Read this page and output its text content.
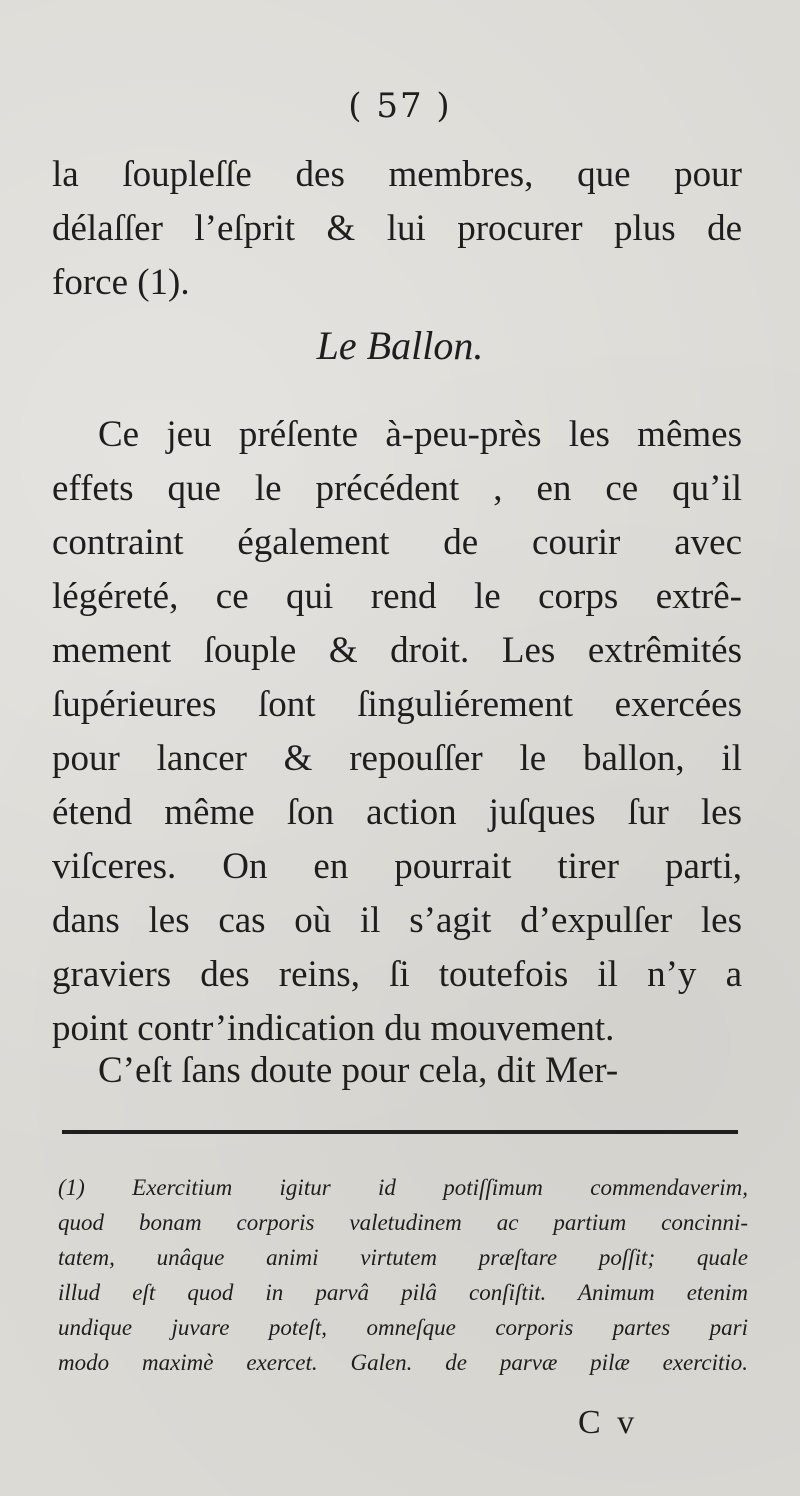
( 57 )
la ſoupleſſe des membres, que pour
délaſſer l’eſprit & lui procurer plus de
force (1).
Le Ballon.
Ce jeu préſente à-peu-près les mêmes
effets que le précédent , en ce qu’il
contraint également de courir avec
légéreté, ce qui rend le corps extrê-
mement ſouple & droit. Les extrêmités
ſupérieures ſont ſinguliérement exercées
pour lancer & repouſſer le ballon, il
étend même ſon action juſques ſur les
viſceres. On en pourrait tirer parti,
dans les cas où il s’agit d’expulſer les
graviers des reins, ſi toutefois il n’y a
point contr’indication du mouvement.
C’eſt ſans doute pour cela, dit Mer-
(1) Exercitium igitur id potiſſimum commendaverim,
quod bonam corporis valetudinem ac partium concinni-
tatem, unâque animi virtutem præſtare poſſit; quale
illud eſt quod in parvâ pilâ conſiſtit. Animum etenim
undique juvare poteſt, omneſque corporis partes pari
modo maximè exercet. Galen. de parvæ pilæ exercitio.
C v
